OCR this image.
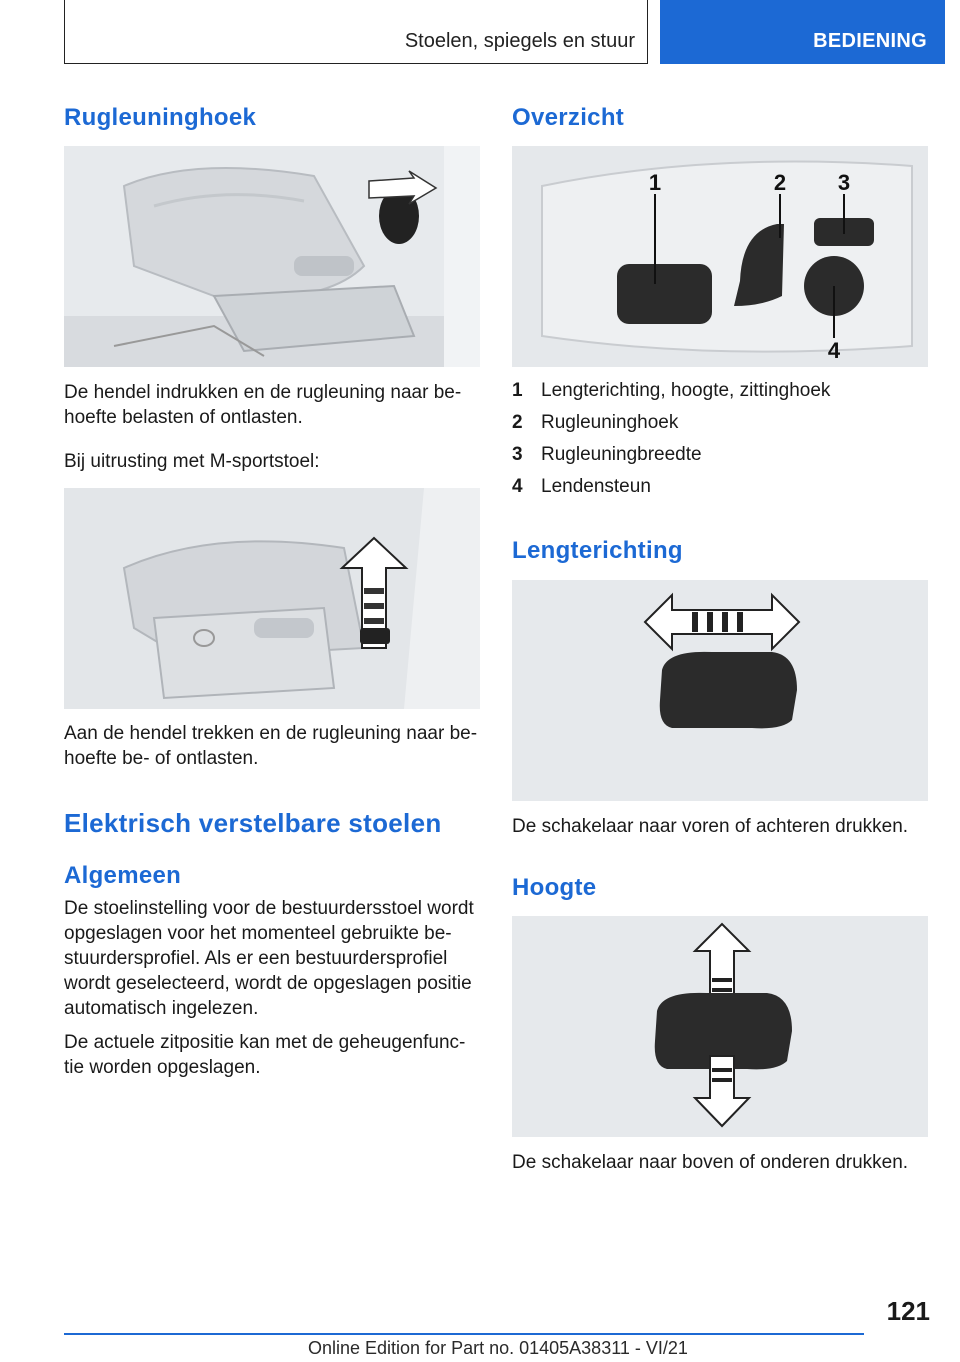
Stoelen, spiegels en stuur	BEDIENING
Rugleuninghoek
De hendel indrukken en de rugleuning naar be‐ hoefte belasten of ontlasten.
Bij uitrusting met M-sportstoel:
Aan de hendel trekken en de rugleuning naar be‐ hoefte be- of ontlasten.
Elektrisch verstelbare stoelen
Algemeen
De stoelinstelling voor de bestuurdersstoel wordt opgeslagen voor het momenteel gebruikte be‐ stuurdersprofiel. Als er een bestuurdersprofiel wordt geselecteerd, wordt de opgeslagen positie automatisch ingelezen.
De actuele zitpositie kan met de geheugenfunc‐ tie worden opgeslagen.
Overzicht
1	2 3
4
1 Lengterichting, hoogte, zittinghoek
2 Rugleuninghoek
3 Rugleuningbreedte
4 Lendensteun
Lengterichting
De schakelaar naar voren of achteren drukken.
Hoogte
De schakelaar naar boven of onderen drukken.
121
Online Edition for Part no. 01405A38311 - VI/21
